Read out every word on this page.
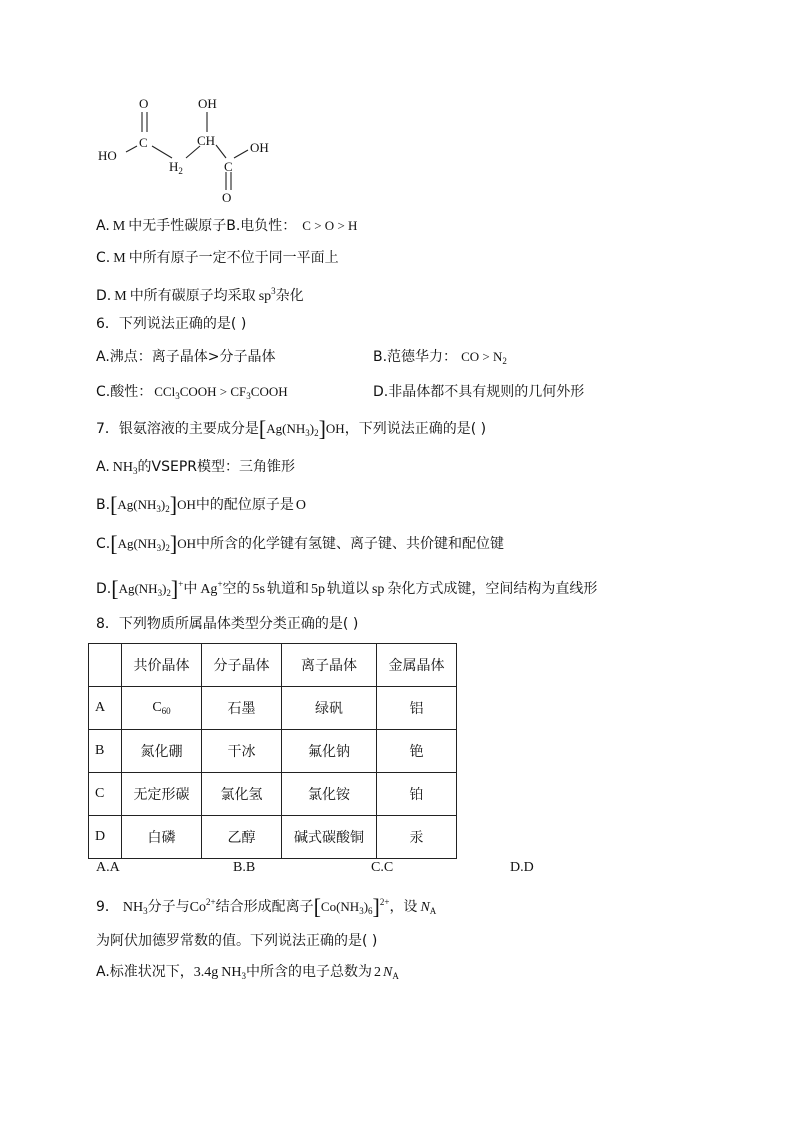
O	OH
HO
C	CH
$H_2$	C
OH
O
A. M 中无手性碳原子B.电负性： C > O > H
C. M 中所有原子一定不位于同一平面上
D. M 中所有碳原子均采取 $sp^3$杂化
6．下列说法正确的是( )
A.沸点：离子晶体>分子晶体	B.范德华力： CO > $N_2$
C.酸性： CCl$_3$COOH > $CF_3COOH$	D.非晶体都不具有规则的几何外形
7．银氨溶液的主要成分是$[Ag(NH_3)_2]OH$，下列说法正确的是( )
A. $NH_3$的VSEPR模型：三角锥形
$B.[Ag(NH_3)_2]OH$中的配位原子是 O
$C.[Ag(NH_3)_2]OH$中所含的化学键有氢键、离子键、共价键和配位键
$D.[Ag(NH_3)_2]^+$中 Ag+空的 5s 轨道和 5p 轨道以 sp 杂化方式成键，空间结构为直线形
8．下列物质所属晶体类型分类正确的是( )
	共价晶体	分子晶体	离子晶体	金属晶体
A	$C_{60}$	石墨	绿矾	铝
B	氮化硼	干冰	氟化钠	铯
C	无定形碳	氯化氢	氯化铵	铂
D	白磷	乙醇	碱式碳酸铜	汞
A.A	B.B	C.C	D.D
9． $NH_3$分子与$Co^{2+}$结合形成配离子$[Co(NH_3)_6]^{2+}$，设 $N_A$
为阿伏加德罗常数的值。下列说法正确的是( )
A.标准状况下，3.4g $NH_3$中所含的电子总数为 2 $N_A$
